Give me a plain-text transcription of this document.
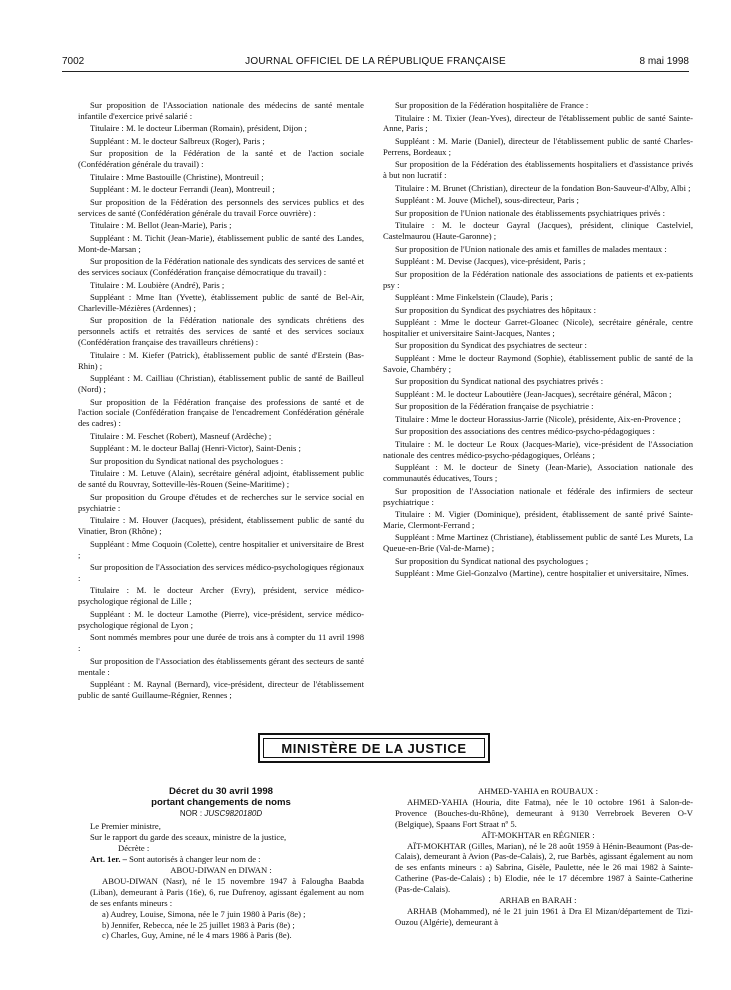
7002	JOURNAL OFFICIEL DE LA RÉPUBLIQUE FRANÇAISE	8 mai 1998

Sur proposition de l'Association nationale des médecins de santé mentale infantile d'exercice privé salarié :

Titulaire : M. le docteur Liberman (Romain), président, Dijon ;

Suppléant : M. le docteur Salbreux (Roger), Paris ;

Sur proposition de la Fédération de la santé et de l'action sociale (Confédération générale du travail) :

Titulaire : Mme Bastouille (Christine), Montreuil ;

Suppléant : M. le docteur Ferrandi (Jean), Montreuil ;

Sur proposition de la Fédération des personnels des services publics et des services de santé (Confédération générale du travail Force ouvrière) :

Titulaire : M. Bellot (Jean-Marie), Paris ;

Suppléant : M. Tichit (Jean-Marie), établissement public de santé des Landes, Mont-de-Marsan ;

Sur proposition de la Fédération nationale des syndicats des services de santé et des services sociaux (Confédération française démocratique du travail) :

Titulaire : M. Loubière (André), Paris ;

Suppléant : Mme Itan (Yvette), établissement public de santé de Bel-Air, Charleville-Mézières (Ardennes) ;

Sur proposition de la Fédération nationale des syndicats chrétiens des personnels actifs et retraités des services de santé et des services sociaux (Confédération française des travailleurs chrétiens) :

Titulaire : M. Kiefer (Patrick), établissement public de santé d'Erstein (Bas-Rhin) ;

Suppléant : M. Cailliau (Christian), établissement public de santé de Bailleul (Nord) ;

Sur proposition de la Fédération française des professions de santé et de l'action sociale (Confédération française de l'encadrement Confédération générale des cadres) :

Titulaire : M. Feschet (Robert), Masneuf (Ardèche) ;

Suppléant : M. le docteur Ballaj (Henri-Victor), Saint-Denis ;

Sur proposition du Syndicat national des psychologues :

Titulaire : M. Letuve (Alain), secrétaire général adjoint, établissement public de santé du Rouvray, Sotteville-lès-Rouen (Seine-Maritime) ;

Sur proposition du Groupe d'études et de recherches sur le service social en psychiatrie :

Titulaire : M. Houver (Jacques), président, établissement public de santé du Vinatier, Bron (Rhône) ;

Suppléant : Mme Coquoin (Colette), centre hospitalier et universitaire de Brest ;

Sur proposition de l'Association des services médico-psychologiques régionaux :

Titulaire : M. le docteur Archer (Evry), président, service médico-psychologique régional de Lille ;

Suppléant : M. le docteur Lamothe (Pierre), vice-président, service médico-psychologique régional de Lyon ;

Sont nommés membres pour une durée de trois ans à compter du 11 avril 1998 :

Sur proposition de l'Association des établissements gérant des secteurs de santé mentale :

Suppléant : M. Raynal (Bernard), vice-président, directeur de l'établissement public de santé Guillaume-Régnier, Rennes ;

Sur proposition de la Fédération hospitalière de France :

Titulaire : M. Tixier (Jean-Yves), directeur de l'établissement public de santé Sainte-Anne, Paris ;

Suppléant : M. Marie (Daniel), directeur de l'établissement public de santé Charles-Perrens, Bordeaux ;

Sur proposition de la Fédération des établissements hospitaliers et d'assistance privés à but non lucratif :

Titulaire : M. Brunet (Christian), directeur de la fondation Bon-Sauveur-d'Alby, Albi ;

Suppléant : M. Jouve (Michel), sous-directeur, Paris ;

Sur proposition de l'Union nationale des établissements psychiatriques privés :

Titulaire : M. le docteur Gayral (Jacques), président, clinique Castelviel, Castelmaurou (Haute-Garonne) ;

Sur proposition de l'Union nationale des amis et familles de malades mentaux :

Suppléant : M. Devise (Jacques), vice-président, Paris ;

Sur proposition de la Fédération nationale des associations de patients et ex-patients psy :

Suppléant : Mme Finkelstein (Claude), Paris ;

Sur proposition du Syndicat des psychiatres des hôpitaux :

Suppléant : Mme le docteur Garret-Gloanec (Nicole), secrétaire générale, centre hospitalier et universitaire Saint-Jacques, Nantes ;

Sur proposition du Syndicat des psychiatres de secteur :

Suppléant : Mme le docteur Raymond (Sophie), établissement public de santé de la Savoie, Chambéry ;

Sur proposition du Syndicat national des psychiatres privés :

Suppléant : M. le docteur Laboutière (Jean-Jacques), secrétaire général, Mâcon ;

Sur proposition de la Fédération française de psychiatrie :

Titulaire : Mme le docteur Horassius-Jarrie (Nicole), présidente, Aix-en-Provence ;

Sur proposition des associations des centres médico-psycho-pédagogiques :

Titulaire : M. le docteur Le Roux (Jacques-Marie), vice-président de l'Association nationale des centres médico-psycho-pédagogiques, Orléans ;

Suppléant : M. le docteur de Sinety (Jean-Marie), Association nationale des communautés éducatives, Tours ;

Sur proposition de l'Association nationale et fédérale des infirmiers de secteur psychiatrique :

Titulaire : M. Vigier (Dominique), président, établissement de santé privé Sainte-Marie, Clermont-Ferrand ;

Suppléant : Mme Martinez (Christiane), établissement public de santé Les Murets, La Queue-en-Brie (Val-de-Marne) ;

Sur proposition du Syndicat national des psychologues ;

Suppléant : Mme Giel-Gonzalvo (Martine), centre hospitalier et universitaire, Nîmes.

MINISTÈRE DE LA JUSTICE
Décret du 30 avril 1998
portant changements de noms
NOR : JUSC9820180D

Le Premier ministre,

Sur le rapport du garde des sceaux, ministre de la justice,

Décrète :

Art. 1er. – Sont autorisés à changer leur nom de :

ABOU-DIWAN en DIWAN :

ABOU-DIWAN (Nasr), né le 15 novembre 1947 à Falougha Baabda (Liban), demeurant à Paris (16e), 6, rue Dufrenoy, agissant également au nom de ses enfants mineurs :

a) Audrey, Louise, Simona, née le 7 juin 1980 à Paris (8e) ;

b) Jennifer, Rebecca, née le 25 juillet 1983 à Paris (8e) ;

c) Charles, Guy, Amine, né le 4 mars 1986 à Paris (8e).

AHMED-YAHIA en ROUBAUX :

AHMED-YAHIA (Houria, dite Fatma), née le 10 octobre 1961 à Salon-de-Provence (Bouches-du-Rhône), demeurant à 9130 Verrebroek Beveren O-V (Belgique), Spaans Fort Straat nº 5.

AÏT-MOKHTAR en RÉGNIER :

AÏT-MOKHTAR (Gilles, Marian), né le 28 août 1959 à Hénin-Beaumont (Pas-de-Calais), demeurant à Avion (Pas-de-Calais), 2, rue Barbès, agissant également au nom de ses enfants mineurs : a) Sabrina, Gisèle, Paulette, née le 26 mai 1982 à Sainte-Catherine (Pas-de-Calais) ; b) Elodie, née le 17 décembre 1987 à Sainte-Catherine (Pas-de-Calais).

ARHAB en BARAH :

ARHAB (Mohammed), né le 21 juin 1961 à Dra El Mizan/département de Tizi-Ouzou (Algérie), demeurant à
